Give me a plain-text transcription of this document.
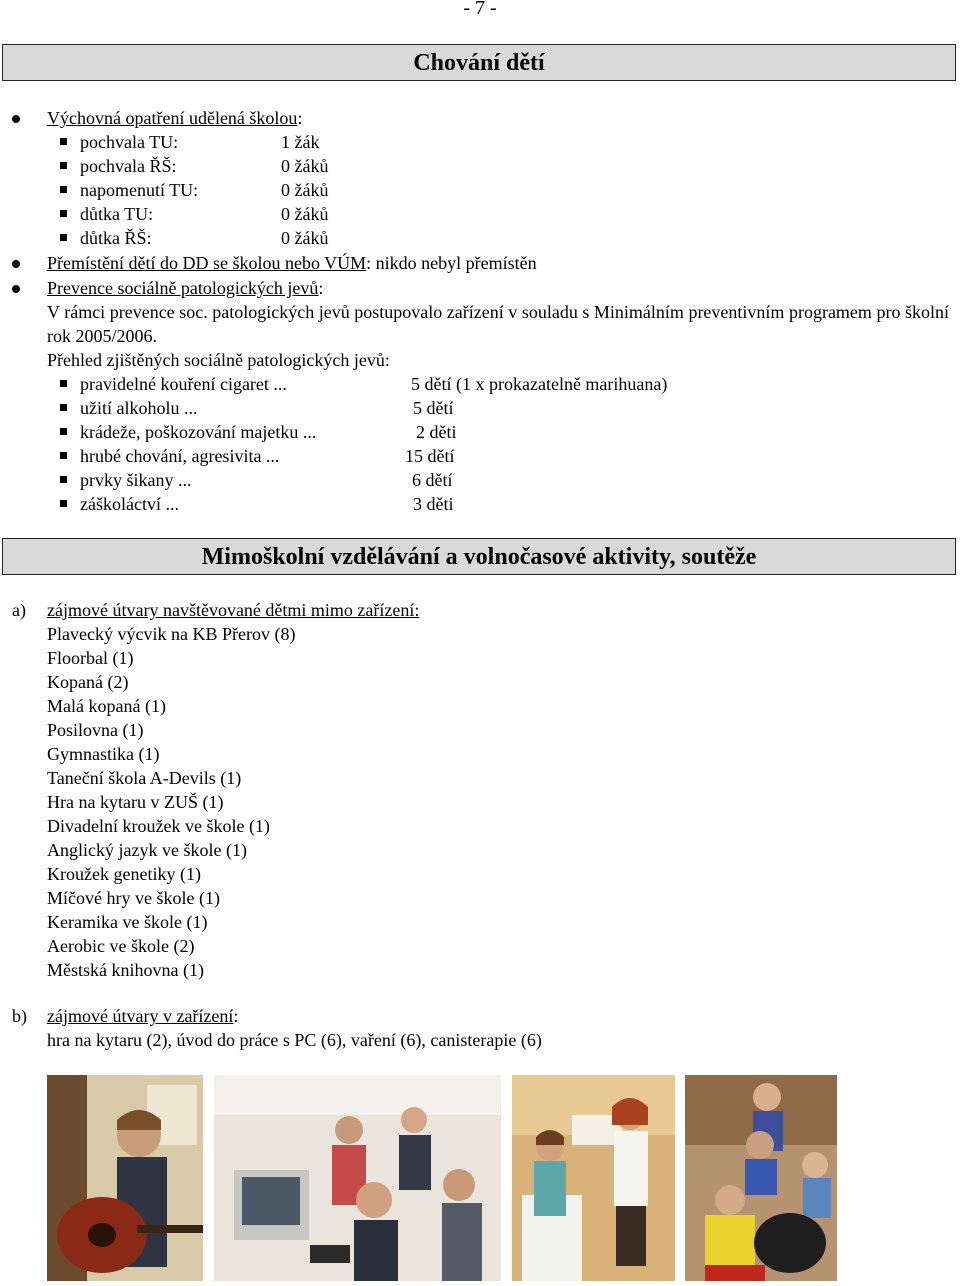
- 7 -
Chování dětí
Výchovná opatření udělená školou:
pochvala TU:	1 žák
pochvala ŘŠ:	0 žáků
napomenutí TU:	0 žáků
důtka TU:	0 žáků
důtka ŘŠ:	0 žáků
Přemístění dětí do DD se školou nebo VÚM: nikdo nebyl přemístěn
Prevence sociálně patologických jevů:
V rámci prevence soc. patologických jevů postupovalo zařízení v souladu s Minimálním preventivním programem pro školní rok 2005/2006.
Přehled zjištěných sociálně patologických jevů:
pravidelné kouření cigaret ...	5 dětí (1 x prokazatelně marihuana)
užití alkoholu ...	5 dětí
krádeže, poškozování majetku ...	2 děti
hrubé chování, agresivita ...	15 dětí
prvky šikany ...	6 dětí
záškoláctví ...	3 děti
Mimoškolní vzdělávání a volnočasové aktivity, soutěže
a) zájmové útvary navštěvované dětmi mimo zařízení:
Plavecký výcvik na KB Přerov (8)
Floorbal (1)
Kopaná (2)
Malá kopaná (1)
Posilovna (1)
Gymnastika (1)
Taneční škola A-Devils (1)
Hra na kytaru v ZUŠ (1)
Divadelní kroužek ve škole (1)
Anglický jazyk ve škole (1)
Kroužek genetiky (1)
Míčové hry ve škole (1)
Keramika ve škole (1)
Aerobic ve škole (2)
Městská knihovna (1)
b) zájmové útvary v zařízení:
hra na kytaru (2), úvod do práce s PC (6), vaření (6), canisterapie (6)
